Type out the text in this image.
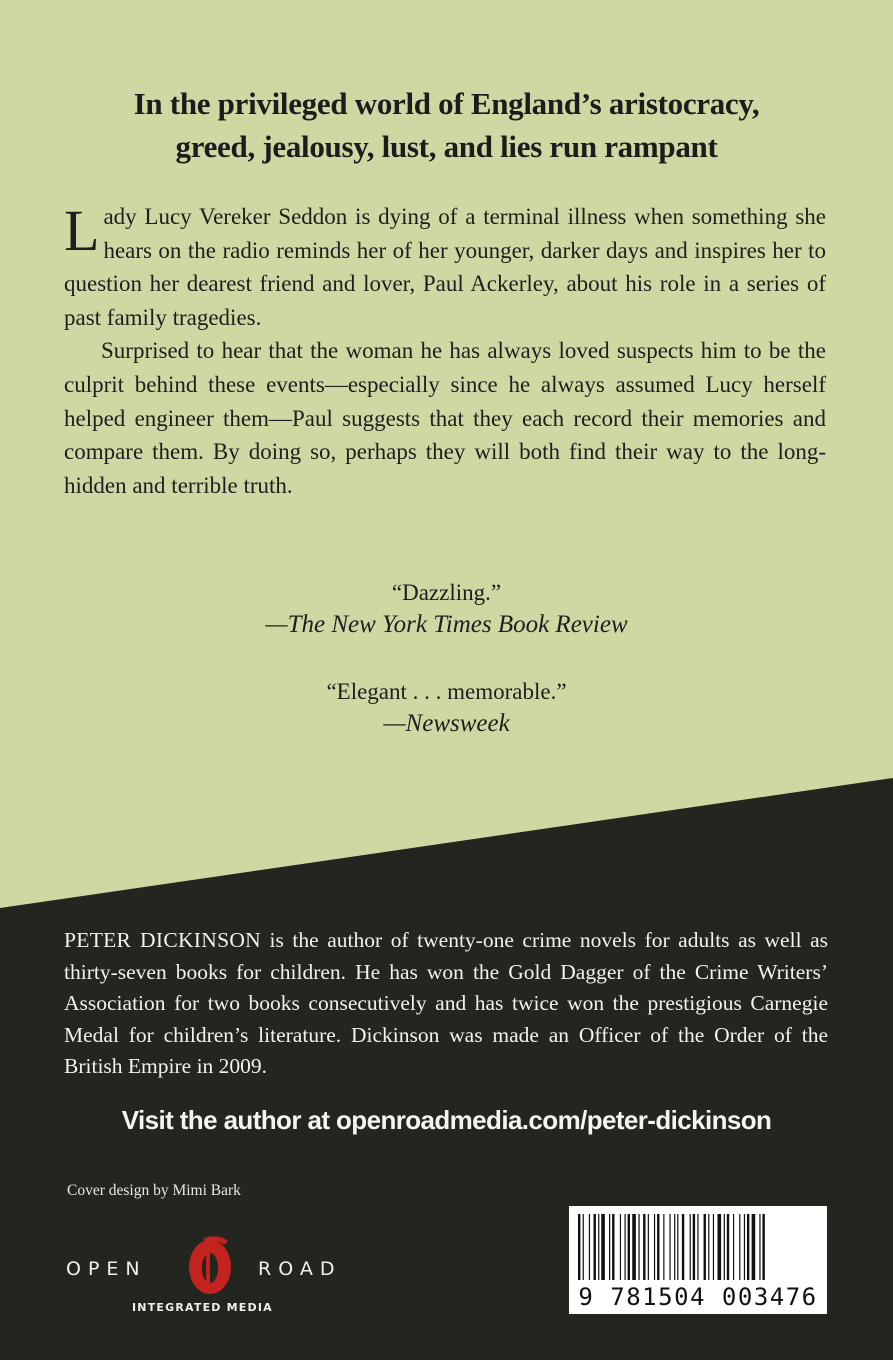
In the privileged world of England’s aristocracy,
greed, jealousy, lust, and lies run rampant

Lady Lucy Vereker Seddon is dying of a terminal illness when something she hears on the radio reminds her of her younger, darker days and inspires her to question her dearest friend and lover, Paul Ackerley, about his role in a series of past family tragedies.

Surprised to hear that the woman he has always loved suspects him to be the culprit behind these events—especially since he always assumed Lucy herself helped engineer them—Paul suggests that they each record their memories and compare them. By doing so, perhaps they will both find their way to the long-hidden and terrible truth.

“Dazzling.”
—The New York Times Book Review
“Elegant . . . memorable.”
—Newsweek
PETER DICKINSON is the author of twenty-one crime novels for adults as well as thirty-seven books for children. He has won the Gold Dagger of the Crime Writers’ Association for two books consecutively and has twice won the prestigious Carnegie Medal for children’s literature. Dickinson was made an Officer of the Order of the British Empire in 2009.
Visit the author at openroadmedia.com/peter-dickinson
Cover design by Mimi Bark
OPEN	ROAD
INTEGRATED MEDIA	9 781504 003476
